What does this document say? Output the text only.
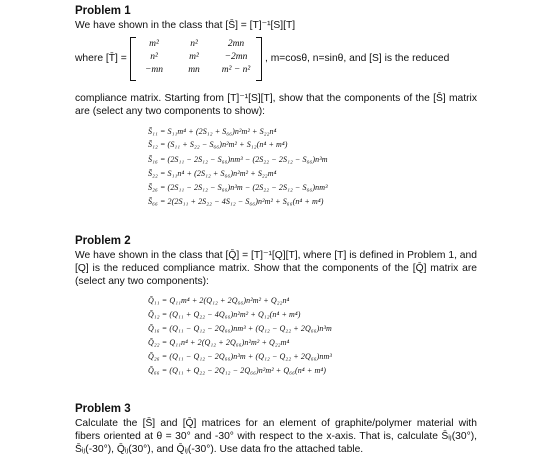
Problem 1
We have shown in the class that [S̄] = [T]⁻¹[S][T]
where [T̄] =
m²	n²	2mn
n²	m²	−2mn
−mn	mn	m² − n²
, m=cosθ, n=sinθ, and [S] is the reduced
compliance matrix. Starting from [T]⁻¹[S][T], show that the components of the [S̄] matrix are (select any two components to show):
S̄₁₁ = S₁₁m⁴ + (2S₁₂ + S₆₆)n²m² + S₂₂n⁴
S̄₁₂ = (S₁₁ + S₂₂ − S₆₆)n²m² + S₁₂(n⁴ + m⁴)
S̄₁₆ = (2S₁₁ − 2S₁₂ − S₆₆)nm³ − (2S₂₂ − 2S₁₂ − S₆₆)n³m
S̄₂₂ = S₁₁n⁴ + (2S₁₂ + S₆₆)n²m² + S₂₂m⁴
S̄₂₆ = (2S₁₁ − 2S₁₂ − S₆₆)n³m − (2S₂₂ − 2S₁₂ − S₆₆)nm³
S̄₆₆ = 2(2S₁₁ + 2S₂₂ − 4S₁₂ − S₆₆)n²m² + S₆₆(n⁴ + m⁴)
Problem 2
We have shown in the class that [Q̄] = [T]⁻¹[Q][T], where [T] is defined in Problem 1, and [Q] is the reduced compliance matrix. Show that the components of the [Q̄] matrix are (select any two components):
Q̄₁₁ = Q₁₁m⁴ + 2(Q₁₂ + 2Q₆₆)n²m² + Q₂₂n⁴
Q̄₁₂ = (Q₁₁ + Q₂₂ − 4Q₆₆)n²m² + Q₁₂(n⁴ + m⁴)
Q̄₁₆ = (Q₁₁ − Q₁₂ − 2Q₆₆)nm³ + (Q₁₂ − Q₂₂ + 2Q₆₆)n³m
Q̄₂₂ = Q₁₁n⁴ + 2(Q₁₂ + 2Q₆₆)n²m² + Q₂₂m⁴
Q̄₂₆ = (Q₁₁ − Q₁₂ − 2Q₆₆)n³m + (Q₁₂ − Q₂₂ + 2Q₆₆)nm³
Q̄₆₆ = (Q₁₁ + Q₂₂ − 2Q₁₂ − 2Q₆₆)n²m² + Q₆₆(n⁴ + m⁴)
Problem 3
Calculate the [S̄] and [Q̄] matrices for an element of graphite/polymer material with fibers oriented at θ = 30° and -30° with respect to the x-axis. That is, calculate S̄ᵢⱼ(30°), S̄ᵢⱼ(-30°), Q̄ᵢⱼ(30°), and Q̄ᵢⱼ(-30°). Use data fro the attached table.
